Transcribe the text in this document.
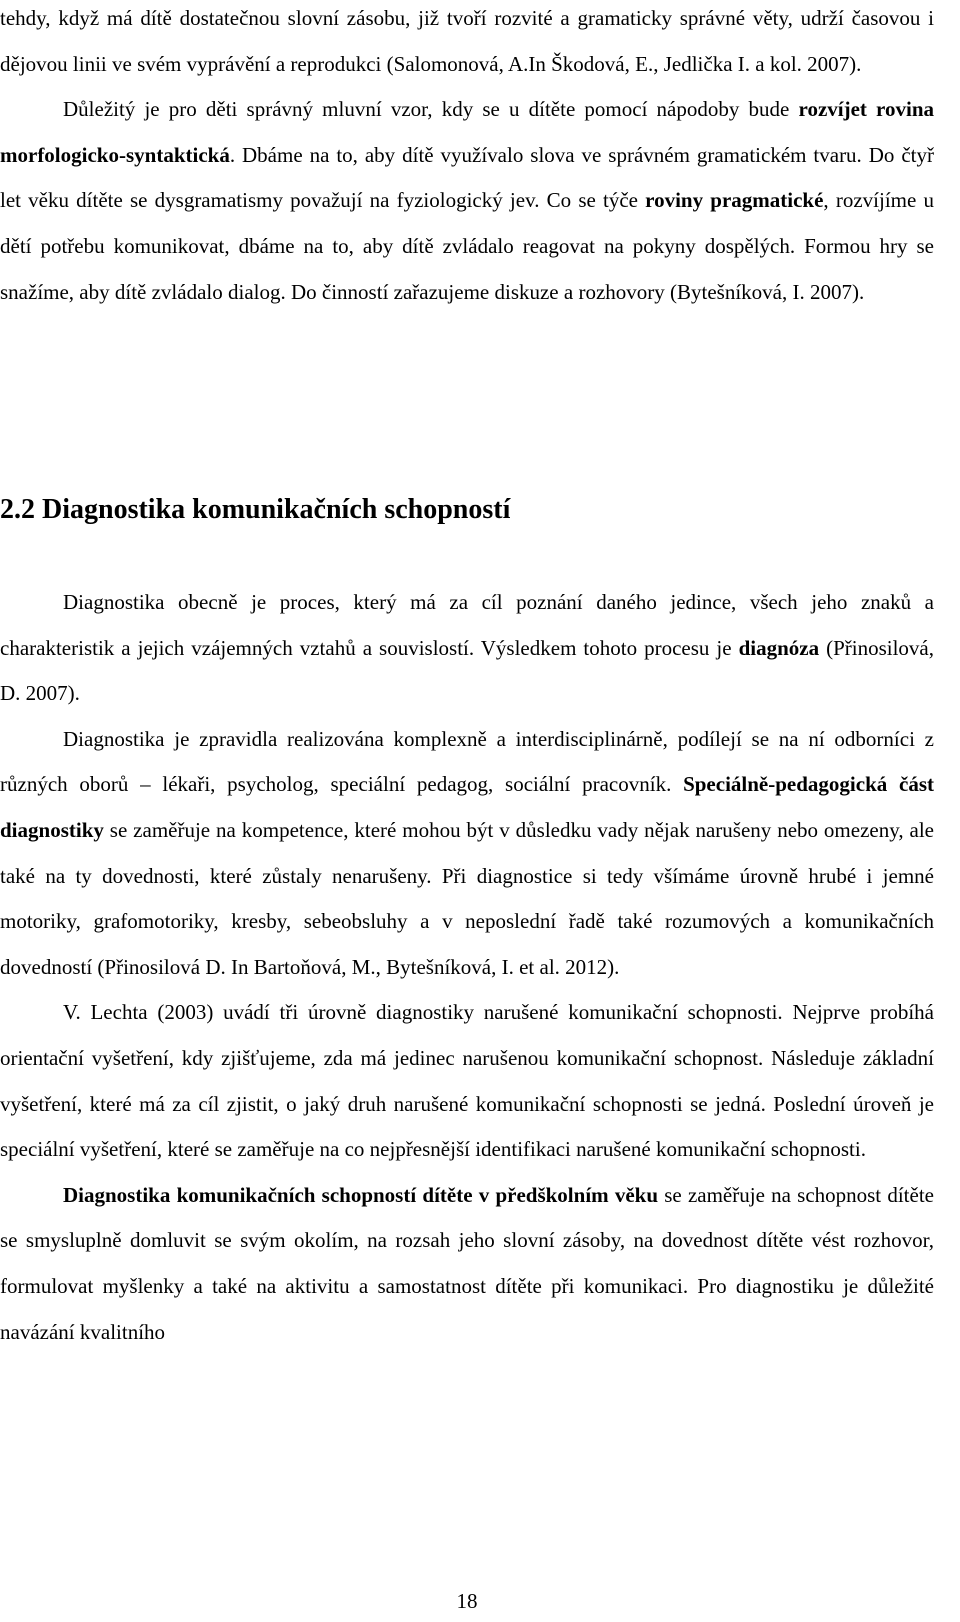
tehdy, když má dítě dostatečnou slovní zásobu, již tvoří rozvité a gramaticky správné věty, udrží časovou i dějovou linii ve svém vyprávění a reprodukci (Salomonová, A.In Škodová, E., Jedlička I. a kol. 2007).

Důležitý je pro děti správný mluvní vzor, kdy se u dítěte pomocí nápodoby bude rozvíjet rovina morfologicko-syntaktická. Dbáme na to, aby dítě využívalo slova ve správném gramatickém tvaru. Do čtyř let věku dítěte se dysgramatismy považují na fyziologický jev. Co se týče roviny pragmatické, rozvíjíme u dětí potřebu komunikovat, dbáme na to, aby dítě zvládalo reagovat na pokyny dospělých. Formou hry se snažíme, aby dítě zvládalo dialog. Do činností zařazujeme diskuze a rozhovory (Bytešníková, I. 2007).

2.2 Diagnostika komunikačních schopností

Diagnostika obecně je proces, který má za cíl poznání daného jedince, všech jeho znaků a charakteristik a jejich vzájemných vztahů a souvislostí. Výsledkem tohoto procesu je diagnóza (Přinosilová, D. 2007).

Diagnostika je zpravidla realizována komplexně a interdisciplinárně, podílejí se na ní odborníci z různých oborů – lékaři, psycholog, speciální pedagog, sociální pracovník. Speciálně-pedagogická část diagnostiky se zaměřuje na kompetence, které mohou být v důsledku vady nějak narušeny nebo omezeny, ale také na ty dovednosti, které zůstaly nenarušeny. Při diagnostice si tedy všímáme úrovně hrubé i jemné motoriky, grafomotoriky, kresby, sebeobsluhy a v neposlední řadě také rozumových a komunikačních dovedností (Přinosilová D. In Bartoňová, M., Bytešníková, I. et al. 2012).

V. Lechta (2003) uvádí tři úrovně diagnostiky narušené komunikační schopnosti. Nejprve probíhá orientační vyšetření, kdy zjišťujeme, zda má jedinec narušenou komunikační schopnost. Následuje základní vyšetření, které má za cíl zjistit, o jaký druh narušené komunikační schopnosti se jedná. Poslední úroveň je speciální vyšetření, které se zaměřuje na co nejpřesnější identifikaci narušené komunikační schopnosti.

Diagnostika komunikačních schopností dítěte v předškolním věku se zaměřuje na schopnost dítěte se smysluplně domluvit se svým okolím, na rozsah jeho slovní zásoby, na dovednost dítěte vést rozhovor, formulovat myšlenky a také na aktivitu a samostatnost dítěte při komunikaci. Pro diagnostiku je důležité navázání kvalitního

18
